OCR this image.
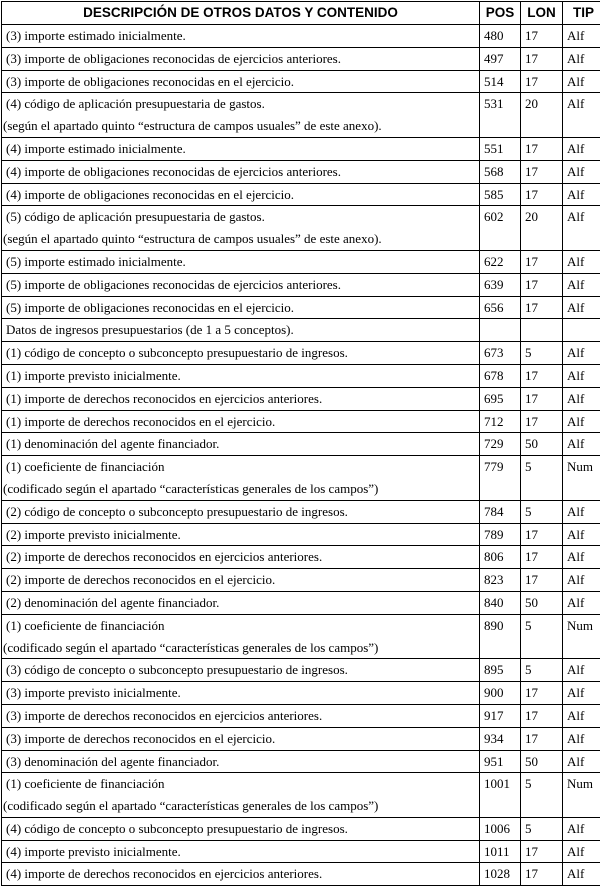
DESCRIPCIÓN DE OTROS DATOS Y CONTENIDO	POS	LON	TIP

(3) importe estimado inicialmente.	480	17	Alf

(3) importe de obligaciones reconocidas de ejercicios anteriores.	497	17	Alf

(3) importe de obligaciones reconocidas en el ejercicio.	514	17	Alf

(4) código de aplicación presupuestaria de gastos.
(según el apartado quinto “estructura de campos usuales” de este anexo).	531	20	Alf

(4) importe estimado inicialmente.	551	17	Alf

(4) importe de obligaciones reconocidas de ejercicios anteriores.	568	17	Alf

(4) importe de obligaciones reconocidas en el ejercicio.	585	17	Alf

(5) código de aplicación presupuestaria de gastos.
(según el apartado quinto “estructura de campos usuales” de este anexo).	602	20	Alf

(5) importe estimado inicialmente.	622	17	Alf

(5) importe de obligaciones reconocidas de ejercicios anteriores.	639	17	Alf

(5) importe de obligaciones reconocidas en el ejercicio.	656	17	Alf

Datos de ingresos presupuestarios (de 1 a 5 conceptos).			

(1) código de concepto o subconcepto presupuestario de ingresos.	673	5	Alf

(1) importe previsto inicialmente.	678	17	Alf

(1) importe de derechos reconocidos en ejercicios anteriores.	695	17	Alf

(1) importe de derechos reconocidos en el ejercicio.	712	17	Alf

(1) denominación del agente financiador.	729	50	Alf

(1) coeficiente de financiación
(codificado según el apartado “características generales de los campos”)	779	5	Num

(2) código de concepto o subconcepto presupuestario de ingresos.	784	5	Alf

(2) importe previsto inicialmente.	789	17	Alf

(2) importe de derechos reconocidos en ejercicios anteriores.	806	17	Alf

(2) importe de derechos reconocidos en el ejercicio.	823	17	Alf

(2) denominación del agente financiador.	840	50	Alf

(1) coeficiente de financiación
(codificado según el apartado “características generales de los campos”)	890	5	Num

(3) código de concepto o subconcepto presupuestario de ingresos.	895	5	Alf

(3) importe previsto inicialmente.	900	17	Alf

(3) importe de derechos reconocidos en ejercicios anteriores.	917	17	Alf

(3) importe de derechos reconocidos en el ejercicio.	934	17	Alf

(3) denominación del agente financiador.	951	50	Alf

(1) coeficiente de financiación
(codificado según el apartado “características generales de los campos”)	1001	5	Num

(4) código de concepto o subconcepto presupuestario de ingresos.	1006	5	Alf

(4) importe previsto inicialmente.	1011	17	Alf

(4) importe de derechos reconocidos en ejercicios anteriores.	1028	17	Alf
